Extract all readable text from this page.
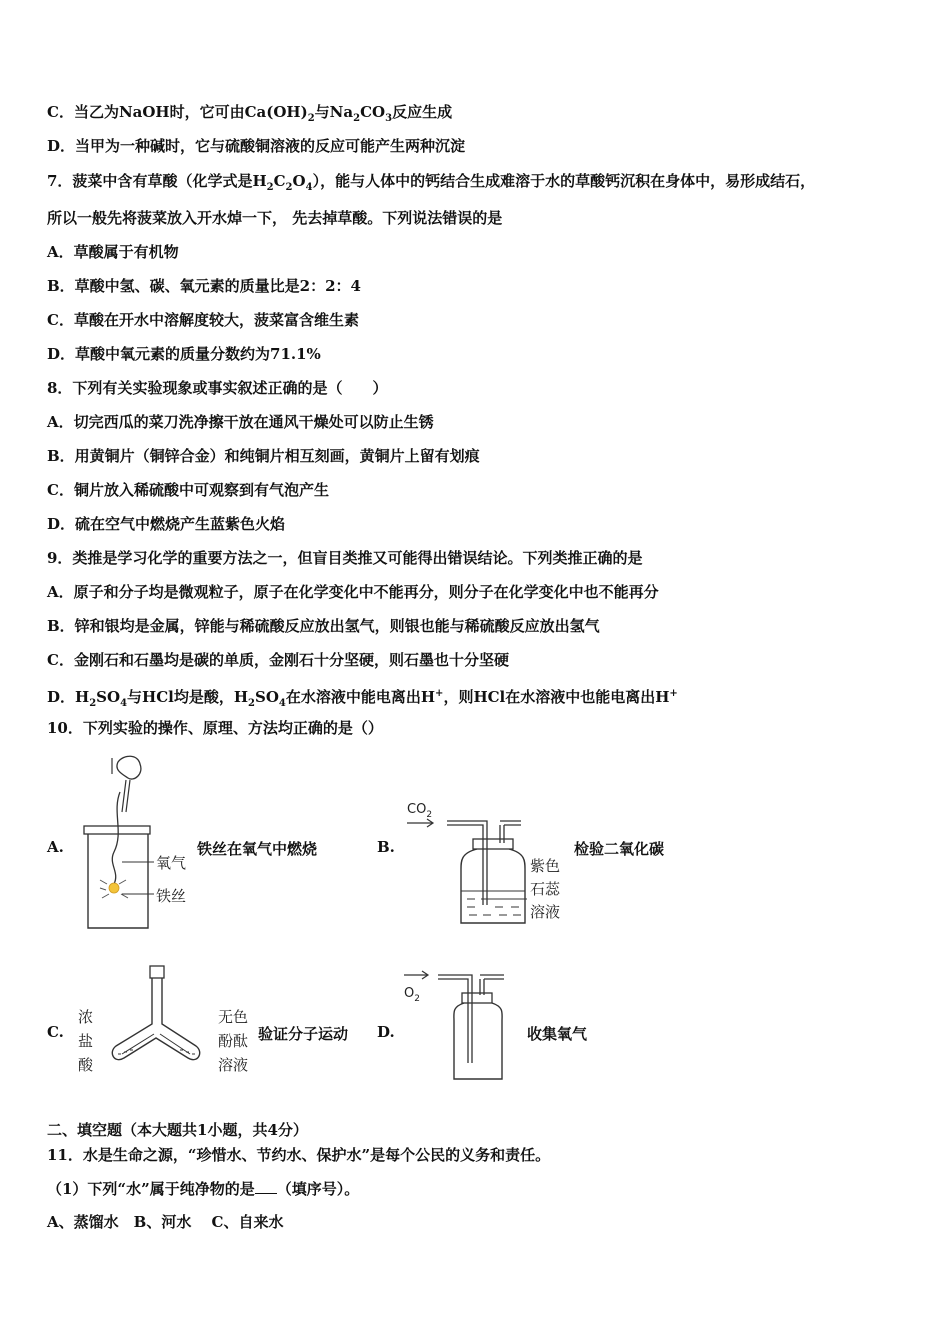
C．当乙为NaOH时，它可由$Ca(OH)_2$与$Na_2CO_3$反应生成
D．当甲为一种碱时，它与硫酸铜溶液的反应可能产生两种沉淀
7．菠菜中含有草酸（化学式是$H_2C_2O_4$），能与人体中的钙结合生成难溶于水的草酸钙沉积在身体中，易形成结石，
所以一般先将菠菜放入开水焯一下， 先去掉草酸。下列说法错误的是
A．草酸属于有机物
B．草酸中氢、碳、氧元素的质量比是2：2：4
C．草酸在开水中溶解度较大，菠菜富含维生素
D．草酸中氧元素的质量分数约为71.1%
8．下列有关实验现象或事实叙述正确的是（　　）
A．切完西瓜的菜刀洗净擦干放在通风干燥处可以防止生锈
B．用黄铜片（铜锌合金）和纯铜片相互刻画，黄铜片上留有划痕
C．铜片放入稀硫酸中可观察到有气泡产生
D．硫在空气中燃烧产生蓝紫色火焰
9．类推是学习化学的重要方法之一，但盲目类推又可能得出错误结论。下列类推正确的是
A．原子和分子均是微观粒子，原子在化学变化中不能再分，则分子在化学变化中也不能再分
B．锌和银均是金属，锌能与稀硫酸反应放出氢气，则银也能与稀硫酸反应放出氢气
C．金刚石和石墨均是碳的单质，金刚石十分坚硬，则石墨也十分坚硬
D．$H_2SO_4$与HCl均是酸，$H_2SO_4$在水溶液中能电离出H+，则HCl在水溶液中也能电离出H+
10．下列实验的操作、原理、方法均正确的是（）
A.
氧气
铁丝
铁丝在氧气中燃烧	B.
$CO_2$
紫色
石蕊
溶液
检验二氧化碳
C.
浓
盐
酸
无色
酚酞
溶液
验证分子运动 D.
$O_2$
收集氧气
二、填空题（本大题共1小题，共4分）
11．水是生命之源，“珍惜水、节约水、保护水”是每个公民的义务和责任。
（1）下列“水”属于纯净物的是 （填序号）。
A、蒸馏水　B、河水　 C、自来水
